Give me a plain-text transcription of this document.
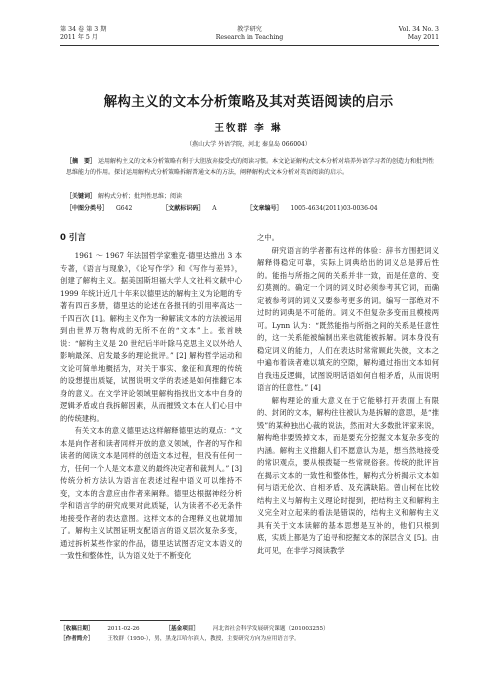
第 34 卷 第 3 期
2011 年 5 月
教学研究
Research in Teaching
Vol. 34 No. 3
May 2011
解构主义的文本分析策略及其对英语阅读的启示
王牧群 李 琳
（燕山大学 外语学院，河北 秦皇岛 066004）
［摘　要］ 运用解构主义的文本分析策略有利于大胆放弃接受式的阅读习惯。本文论证解构式文本分析对培养外语学习者的创造力和批判性思维能力的作用。探讨运用解构式分析策略拆解普通文本的方法，阐释解构式文本分析对英语阅读的启示。
［关键词］ 解构式分析；批判性思维；阅读
［中图分类号］ G642	［文献标识码］ A	［文章编号］ 1005-4634(2011)03-0036-04
0 引言

1961 ～ 1967 年法国哲学家雅克·德里达推出 3 本专著，《语言与现象》，《论写作学》和《写作与差异》，创建了解构主义。据美国斯坦福大学人文社科文献中心 1999 年统计近几十年来以德里达的解构主义为论题的专著有四百多册，德里达的论述在各报刊的引用率高达一千四百次 [1]。解构主义作为一种解读文本的方法被运用到由世界万物构成的无所不在的“文本”上。张首映说：“解构主义是 20 世纪后半叶除马克思主义以外给人影响最深、启发最多的理论批评。” [2] 解构哲学运动和文论可简单地概括为，对关于事实、象征和真理的传统的设想提出质疑，试图说明文学的表述是如何推翻它本身的意义。在文学评论领域里解构指找出文本中自身的逻辑矛盾或自我拆解因素，从而摧毁文本在人们心目中的传统建构。

有关文本的意义德里达这样解释德里达的观点：“文本是向作者和读者同样开放的意义领域，作者的写作和读者的阅读文本是同样的创造文本过程，但没有任何一方，任何一个人是文本意义的最终决定者和裁判人。” [3] 传统分析方法认为语言在表述过程中语义可以维持不变，文本的含意应由作者来阐释。德里达根据神经分析学和语言学的研究成果对此质疑，认为读者不必无条件地接受作者的表达意图。这样文本的合理释义也就增加了。解构主义试图证明支配语言的语义层次复杂多变，通过拆析某些作家的作品，德里达试图否定文本语义的一致性和整体性，认为语义处于不断变化

之中。

研究语言的学者都有这样的体验：辞书方围把词义解释得稳定可靠，实际上词典给出的词义总是滞后性的。能指与所指之间的关系并非一致，而是任意的、变幻莫测的。确定一个词的词义时必须参考其它词，而确定被参考词的词义又要参考更多的词。编写一部绝对不过时的词典是不可能的。词义不但复杂多变而且模棱两可。Lynn 认为：“既然能指与所指之间的关系是任意性的，这一关系能被编制出来也就能被拆解。词本身没有稳定词义的能力，人们在表达时常常顾此失彼，文本之中遍布着读者难以填充的空隙，解构通过指出文本如何自我违反逻辑，试图说明话语如何自相矛盾，从而说明语言的任意性。” [4]

解构理论的重大意义在于它能够打开表面上有限的、封闭的文本，解构往往被认为是拆解的意思，是“推毁”的某种独出心裁的说法，然而对大多数批评家来说，解构绝非要毁掉文本，而是要充分挖掘文本复杂多变的内涵。解构主义推翻人们不愿意认为是，想当然地接受的常识观点，要从根拨疑一些常规俗套。传统的批评旨在揭示文本的一致性和整体性，解构式分析揭示文本如何与语无伦次、自相矛盾、及充满缺陷。曾山柯在比较结构主义与解构主义理论时提到，把结构主义和解构主义完全对立起来的看法是错误的，结构主义和解构主义具有关于文本读解的基本思想是互补的，他们只根到底，实质上都是为了追寻和挖掘文本的深层含义 [5]。由此可见，在非学习阅读教学

［收稿日期］ 2011-02-26	［基金项目］ 河北省社会科学发展研究课题（201003255）
［作者简介］ 王牧群（1950-），男，黑龙江哈尔滨人，教授，主要研究方向为应用语言学。
